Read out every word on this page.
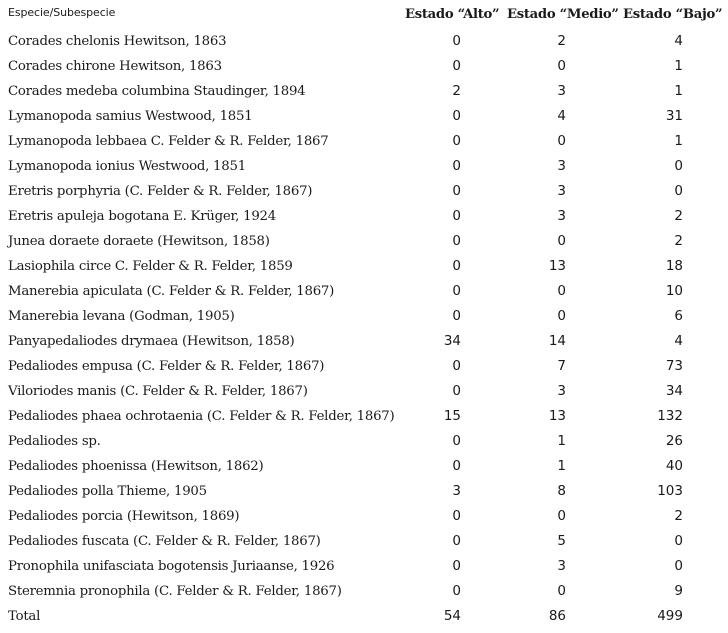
Especie/Subespecie	Estado “Alto” Estado “Medio” Estado “Bajo”
Corades chelonis Hewitson, 1863	0	2	4
Corades chirone Hewitson, 1863	0	0	1
Corades medeba columbina Staudinger, 1894	2	3	1
Lymanopoda samius Westwood, 1851	0	4	31
Lymanopoda lebbaea C. Felder & R. Felder, 1867	0	0	1
Lymanopoda ionius Westwood, 1851	0	3	0
Eretris porphyria (C. Felder & R. Felder, 1867)	0	3	0
Eretris apuleja bogotana E. Krüger, 1924	0	3	2
Junea doraete doraete (Hewitson, 1858)	0	0	2
Lasiophila circe C. Felder & R. Felder, 1859	0	13	18
Manerebia apiculata (C. Felder & R. Felder, 1867)	0	0	10
Manerebia levana (Godman, 1905)	0	0	6
Panyapedaliodes drymaea (Hewitson, 1858)	34	14	4
Pedaliodes empusa (C. Felder & R. Felder, 1867)	0	7	73
Viloriodes manis (C. Felder & R. Felder, 1867)	0	3	34
Pedaliodes phaea ochrotaenia (C. Felder & R. Felder, 1867)	15	13	132
Pedaliodes sp.	0	1	26
Pedaliodes phoenissa (Hewitson, 1862)	0	1	40
Pedaliodes polla Thieme, 1905	3	8	103
Pedaliodes porcia (Hewitson, 1869)	0	0	2
Pedaliodes fuscata (C. Felder & R. Felder, 1867)	0	5	0
Pronophila unifasciata bogotensis Juriaanse, 1926	0	3	0
Steremnia pronophila (C. Felder & R. Felder, 1867)	0	0	9
Total	54	86	499
